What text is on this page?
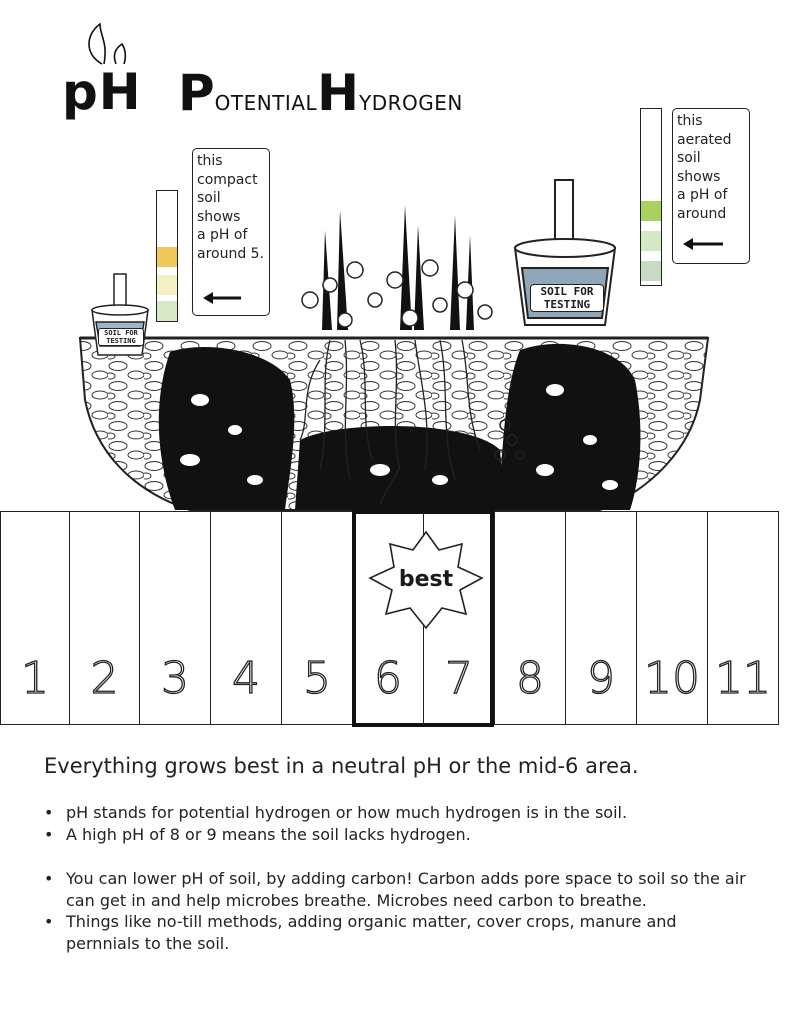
pH P OTENTIAL H YDROGEN
SOIL FOR
TESTING
SOIL FOR
TESTING
this
compact
soil
shows
a pH of
around 5.
this
aerated
soil
shows
a pH of
around
1 2 3 4 5 6 7 8 9 10 11
best
Everything grows best in a neutral pH or the mid-6 area.
• pH stands for potential hydrogen or how much hydrogen is in the soil.
• A high pH of 8 or 9 means the soil lacks hydrogen.
• You can lower pH of soil, by adding carbon! Carbon adds pore space to soil so the air can get in and help microbes breathe. Microbes need carbon to breathe.
• Things like no-till methods, adding organic matter, cover crops, manure and pernnials to the soil.
